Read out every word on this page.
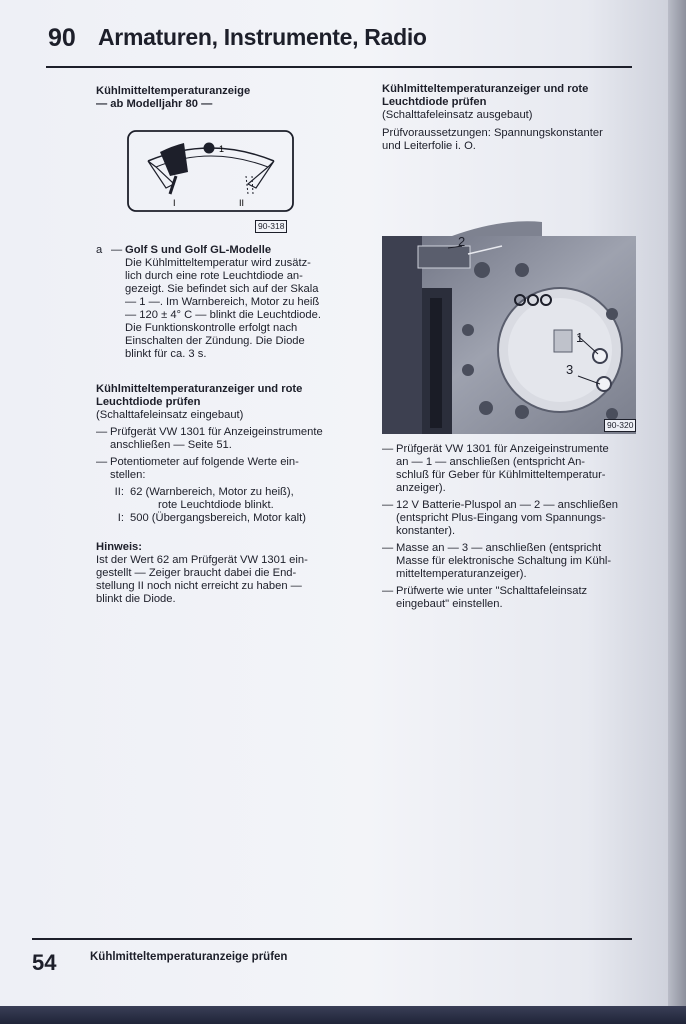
90 Armaturen, Instrumente, Radio

Kühlmitteltemperaturanzeige
— ab Modelljahr 80 —

1
I	II
90-318
a — Golf S und Golf GL-Modelle
Die Kühlmitteltemperatur wird zusätz-
lich durch eine rote Leuchtdiode an-
gezeigt. Sie befindet sich auf der Skala
— 1 —. Im Warnbereich, Motor zu heiß
— 120 ± 4° C — blinkt die Leuchtdiode.
Die Funktionskontrolle erfolgt nach
Einschalten der Zündung. Die Diode
blinkt für ca. 3 s.

Kühlmitteltemperaturanzeiger und rote
Leuchtdiode prüfen

(Schalttafeleinsatz eingebaut)

— Prüfgerät VW 1301 für Anzeigeinstrumente
anschließen — Seite 51.
— Potentiometer auf folgende Werte ein-
stellen:
II: 62 (Warnbereich, Motor zu heiß),
rote Leuchtdiode blinkt.
I: 500 (Übergangsbereich, Motor kalt)

Hinweis:

Ist der Wert 62 am Prüfgerät VW 1301 ein-
gestellt — Zeiger braucht dabei die End-
stellung II noch nicht erreicht zu haben —
blinkt die Diode.

Kühlmitteltemperaturanzeiger und rote
Leuchtdiode prüfen

(Schalttafeleinsatz ausgebaut)

Prüfvoraussetzungen: Spannungskonstanter
und Leiterfolie i. O.

2
1
3
90-320
— Prüfgerät VW 1301 für Anzeigeinstrumente
an — 1 — anschließen (entspricht An-
schluß für Geber für Kühlmitteltemperatur-
anzeiger).
— 12 V Batterie-Pluspol an — 2 — anschließen
(entspricht Plus-Eingang vom Spannungs-
konstanter).
— Masse an — 3 — anschließen (entspricht
Masse für elektronische Schaltung im Kühl-
mitteltemperaturanzeiger).
— Prüfwerte wie unter "Schalttafeleinsatz
eingebaut" einstellen.
54	Kühlmitteltemperaturanzeige prüfen
